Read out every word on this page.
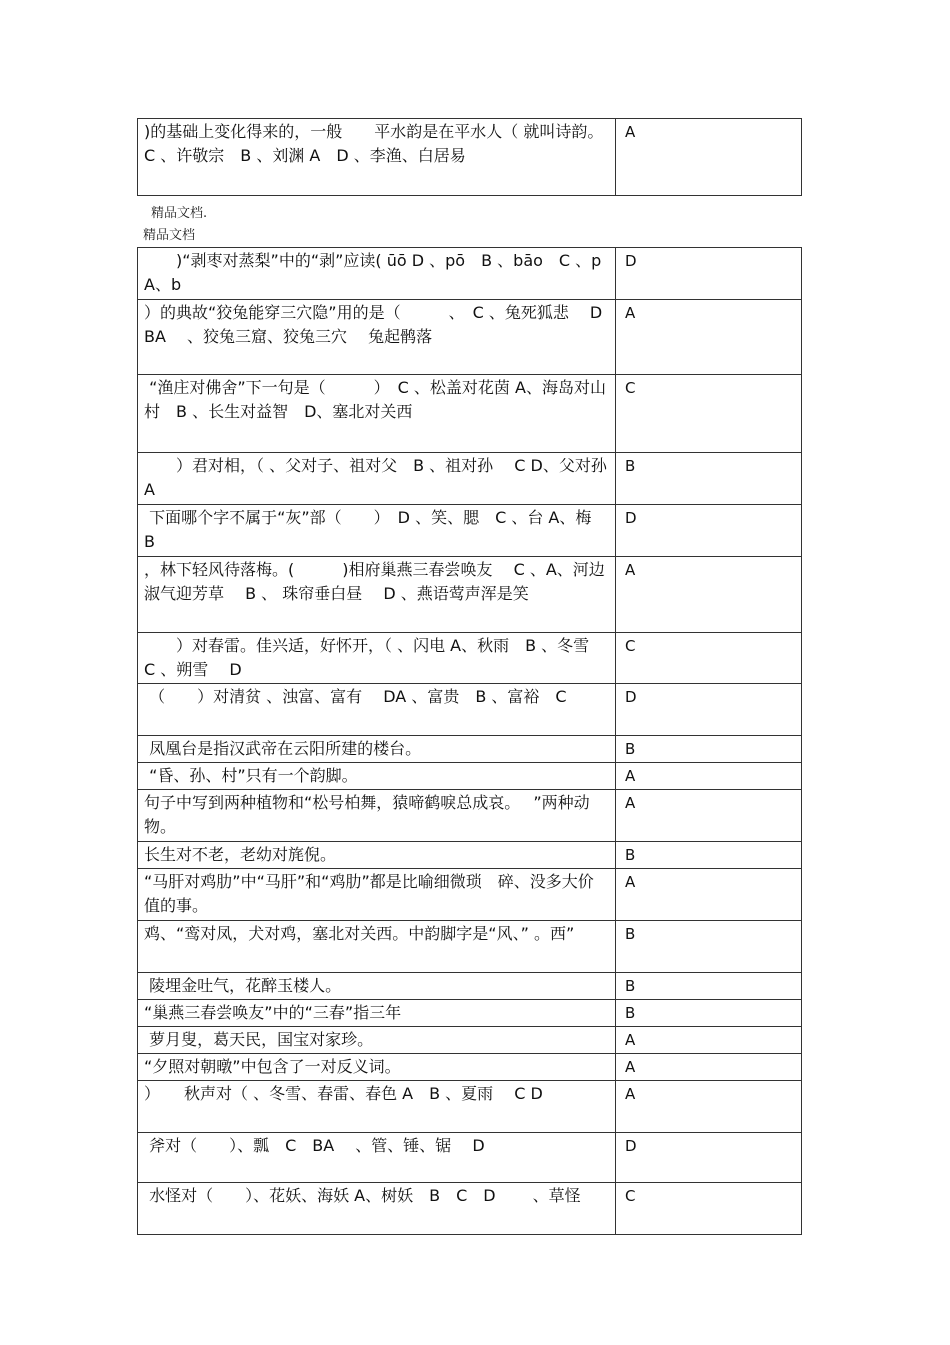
)的基础上变化得来的，一般　　平水韵是在平水人（ 就叫诗韵。　 C 、许敬宗　B 、刘渊 A　D 、李渔、白居易	A
精品文档.
精品文档
　　)“剥枣对蒸梨”中的“剥”应读( ūō D 、pō　B 、bāo　C 、pA、b	D
）的典故“狡兔能穿三穴隐”用的是（　　　、　C 、兔死狐悲　 D　BA　 、狡兔三窟、狡兔三穴　 兔起鹘落	A
“渔庄对佛舍”下一句是（　　　）　C 、松盖对花茵 A、海岛对山村　B 、长生对益智　D、塞北对关西	C
　　）君对相，（ 、父对子、祖对父　B 、祖对孙　 C D、父对孙 A	B
下面哪个字不属于“灰”部（　　）　D 、笑、腮　C 、台 A、梅　B	D
，林下轻风待落梅。(　　　)相府巢燕三春尝唤友　 C 、A、河边淑气迎芳草　 B 、 珠帘垂白昼　 D 、燕语莺声浑是笑	A
　　）对春雷。佳兴适，好怀开，（ 、闪电 A、秋雨　B 、冬雪　C 、朔雪　 D	C
（　　）对清贫 、浊富、富有　 DA 、富贵　B 、富裕　C	D
凤凰台是指汉武帝在云阳所建的楼台。	B
“昏、孙、村”只有一个韵脚。	A
句子中写到两种植物和“松号柏舞，猿啼鹤唳总成哀。　 ”两种动物。	A
长生对不老，老幼对旄倪。	B
“马肝对鸡肋”中“马肝”和“鸡肋”都是比喻细微琐　碎、没多大价值的事。	A
鸡、“鸾对凤，犬对鸡，塞北对关西。中韵脚字是“风、” 。西”	B
陵埋金吐气，花醉玉楼人。	B
“巢燕三春尝唤友”中的“三春”指三年	B
萝月叟，葛天民，国宝对家珍。	A
“夕照对朝暾”中包含了一对反义词。	A
）　　秋声对（ 、冬雪、春雷、春色 A　B 、夏雨　 C D	A
斧对（　　）、瓢　C　BA　 、管、锤、锯　 D	D
水怪对（　　）、花妖、海妖 A、树妖　B　C　D　　 、草怪	C
